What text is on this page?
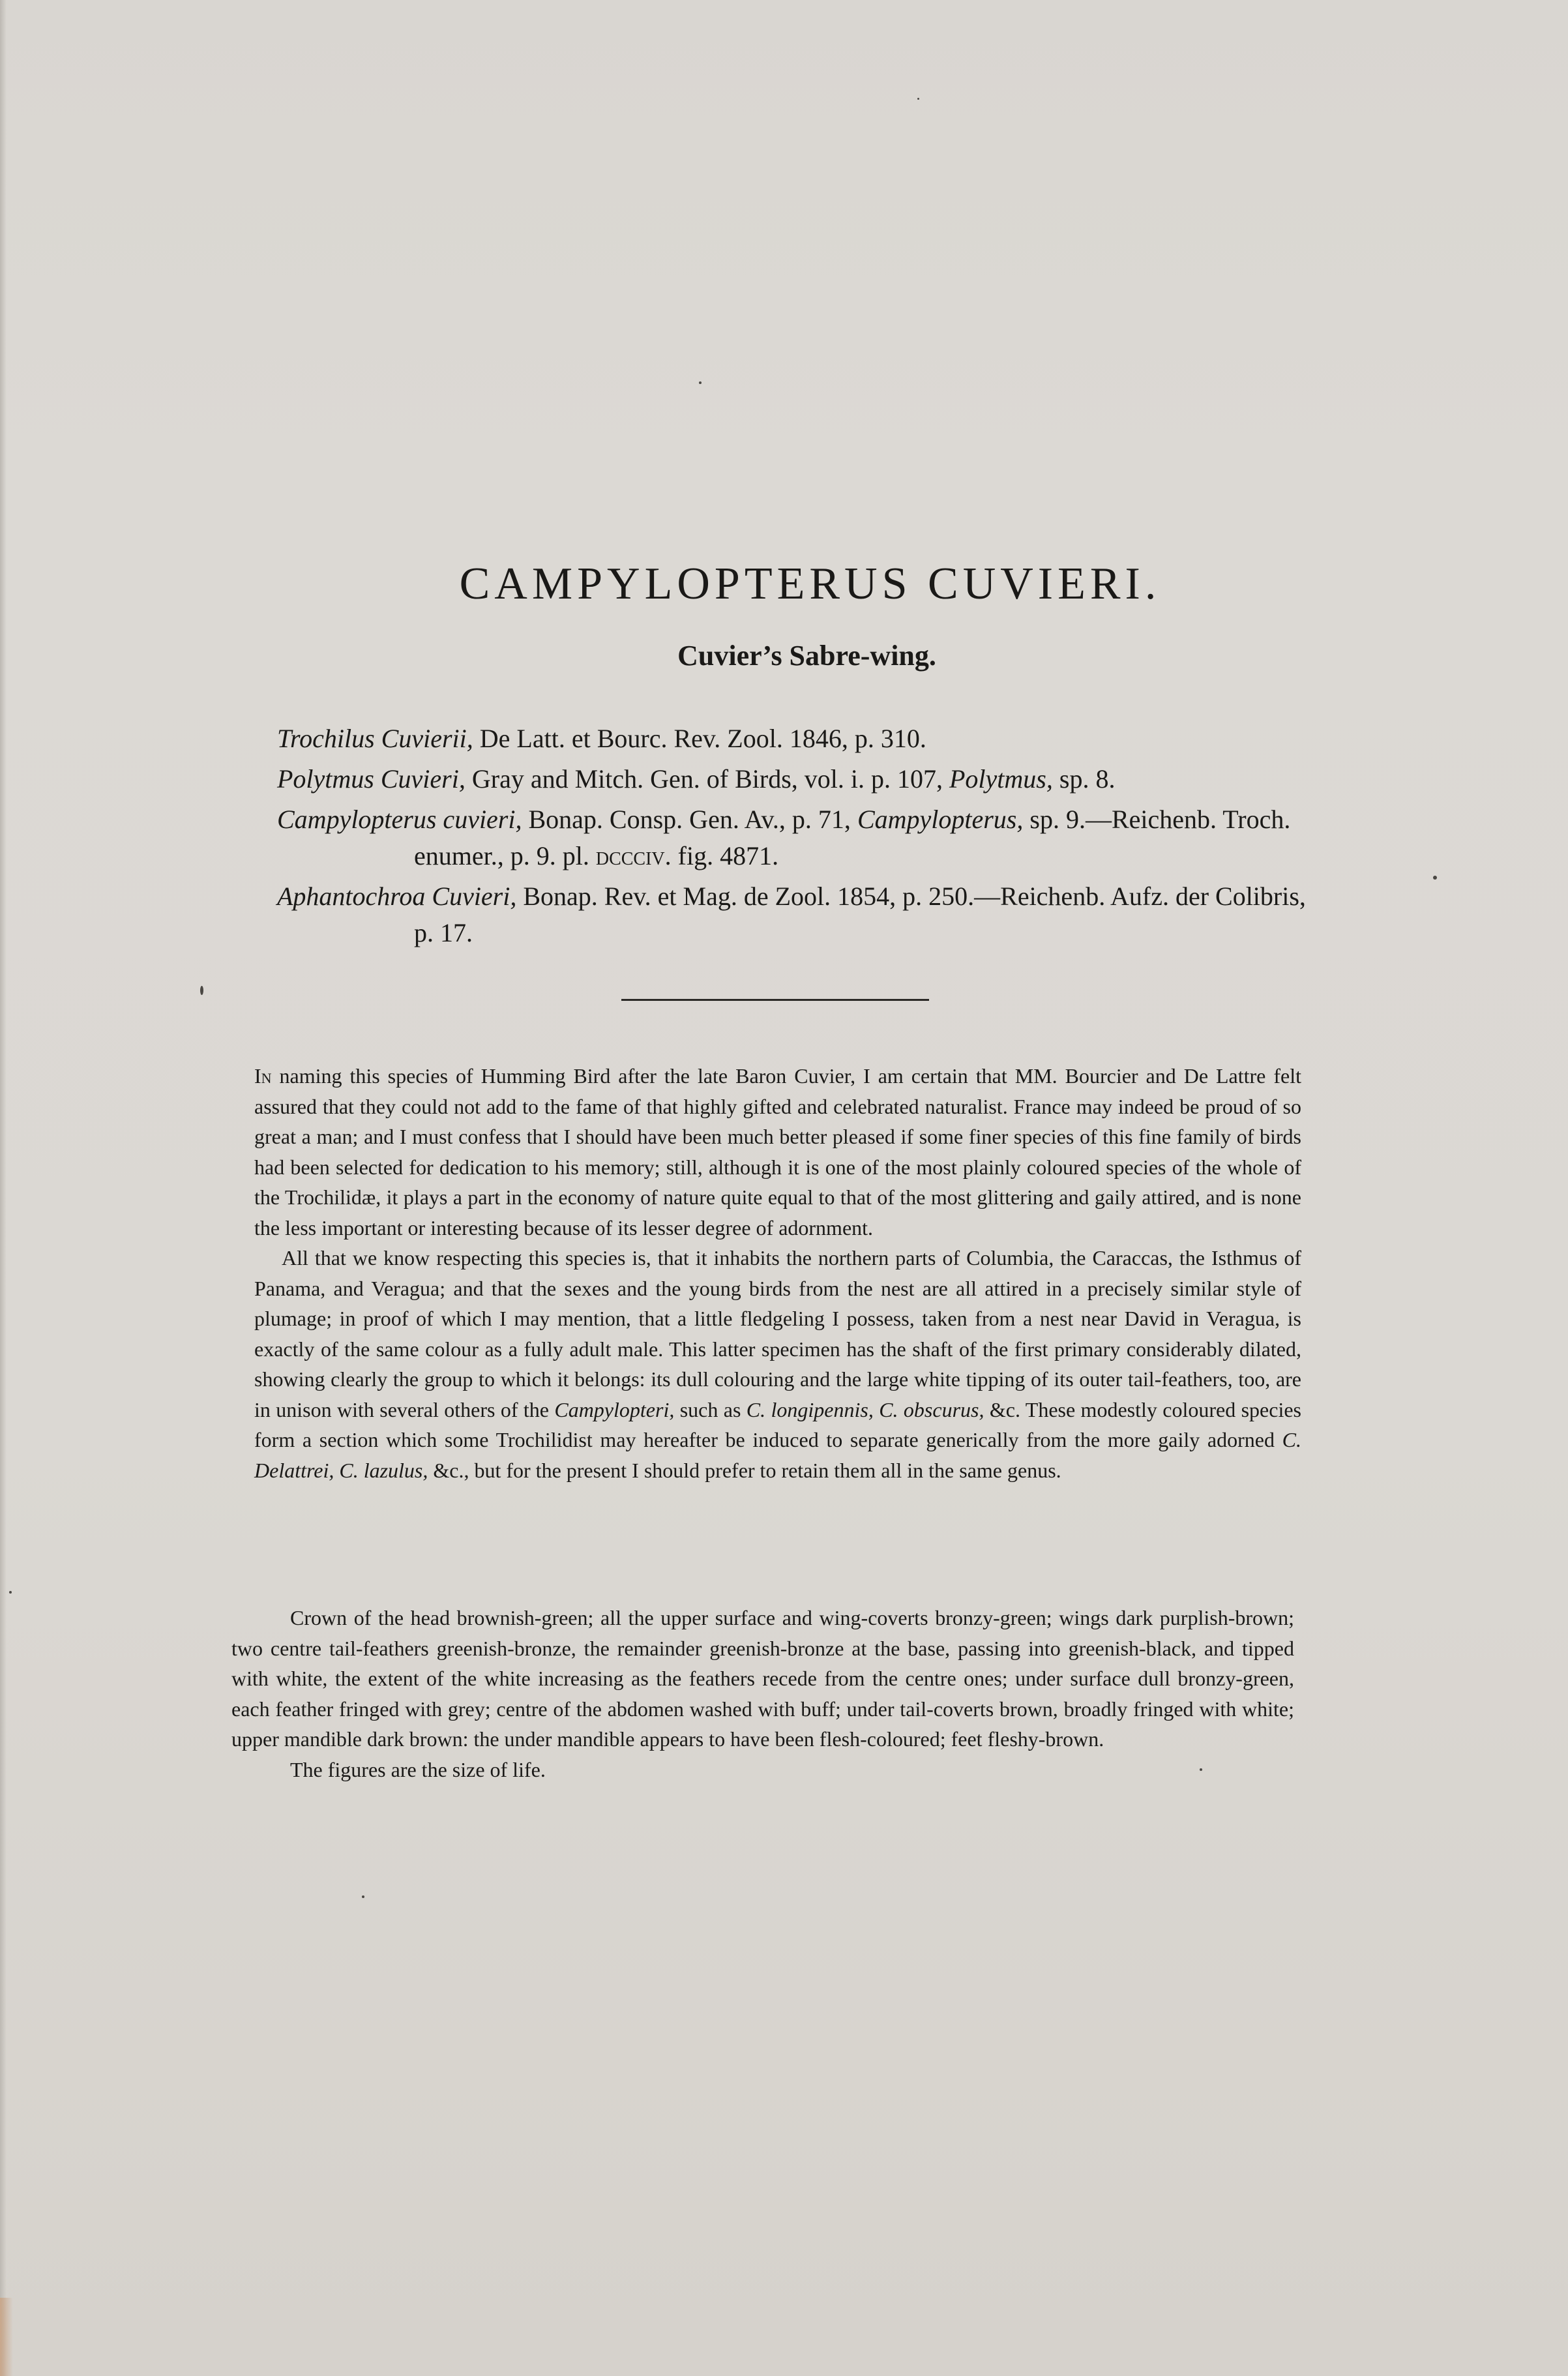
CAMPYLOPTERUS CUVIERI.
Cuvier’s Sabre-wing.

Trochilus Cuvierii, De Latt. et Bourc. Rev. Zool. 1846, p. 310.

Polytmus Cuvieri, Gray and Mitch. Gen. of Birds, vol. i. p. 107, Polytmus, sp. 8.

Campylopterus cuvieri, Bonap. Consp. Gen. Av., p. 71, Campylopterus, sp. 9.—Reichenb. Troch. enumer., p. 9. pl. dccciv. fig. 4871.

Aphantochroa Cuvieri, Bonap. Rev. et Mag. de Zool. 1854, p. 250.—Reichenb. Aufz. der Colibris, p. 17.

In naming this species of Humming Bird after the late Baron Cuvier, I am certain that MM. Bourcier and De Lattre felt assured that they could not add to the fame of that highly gifted and celebrated naturalist. France may indeed be proud of so great a man; and I must confess that I should have been much better pleased if some finer species of this fine family of birds had been selected for dedication to his memory; still, although it is one of the most plainly coloured species of the whole of the Trochilidæ, it plays a part in the economy of nature quite equal to that of the most glittering and gaily attired, and is none the less important or interesting because of its lesser degree of adornment.

All that we know respecting this species is, that it inhabits the northern parts of Columbia, the Caraccas, the Isthmus of Panama, and Veragua; and that the sexes and the young birds from the nest are all attired in a precisely similar style of plumage; in proof of which I may mention, that a little fledgeling I possess, taken from a nest near David in Veragua, is exactly of the same colour as a fully adult male. This latter specimen has the shaft of the first primary considerably dilated, showing clearly the group to which it belongs: its dull colouring and the large white tipping of its outer tail-feathers, too, are in unison with several others of the Campylopteri, such as C. longipennis, C. obscurus, &c. These modestly coloured species form a section which some Trochilidist may hereafter be induced to separate generically from the more gaily adorned C. Delattrei, C. lazulus, &c., but for the present I should prefer to retain them all in the same genus.

Crown of the head brownish-green; all the upper surface and wing-coverts bronzy-green; wings dark purplish-brown; two centre tail-feathers greenish-bronze, the remainder greenish-bronze at the base, passing into greenish-black, and tipped with white, the extent of the white increasing as the feathers recede from the centre ones; under surface dull bronzy-green, each feather fringed with grey; centre of the abdomen washed with buff; under tail-coverts brown, broadly fringed with white; upper mandible dark brown: the under mandible appears to have been flesh-coloured; feet fleshy-brown.

The figures are the size of life.
